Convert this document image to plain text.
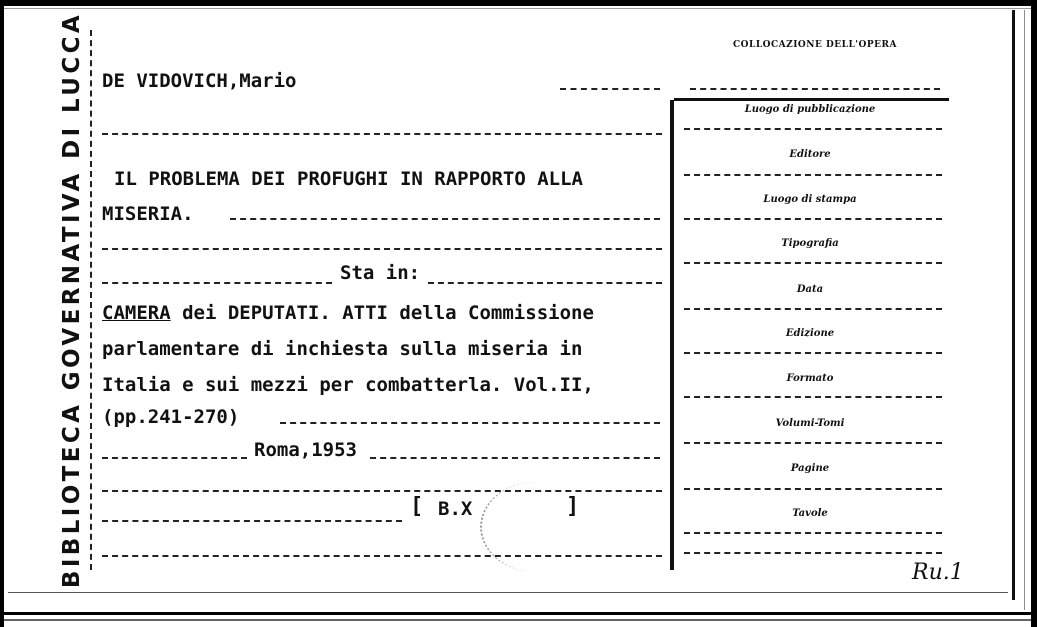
BIBLIOTECA GOVERNATIVA DI LUCCA DE VIDOVICH,Mario
IL PROBLEMA DEI PROFUGHI IN RAPPORTO ALLA
MISERIA.
Sta in:
CAMERA dei DEPUTATI. ATTI della Commissione
parlamentare di inchiesta sulla miseria in
Italia e sui mezzi per combatterla. Vol.II,
(pp.241-270)
Roma,1953
[ B.X	]
COLLOCAZIONE DELL'OPERA
Luogo di pubblicazione
Editore
Luogo di stampa
Tipografia
Data
Edizione
Formato
Volumi-Tomi
Pagine
Tavole
Ru.1
